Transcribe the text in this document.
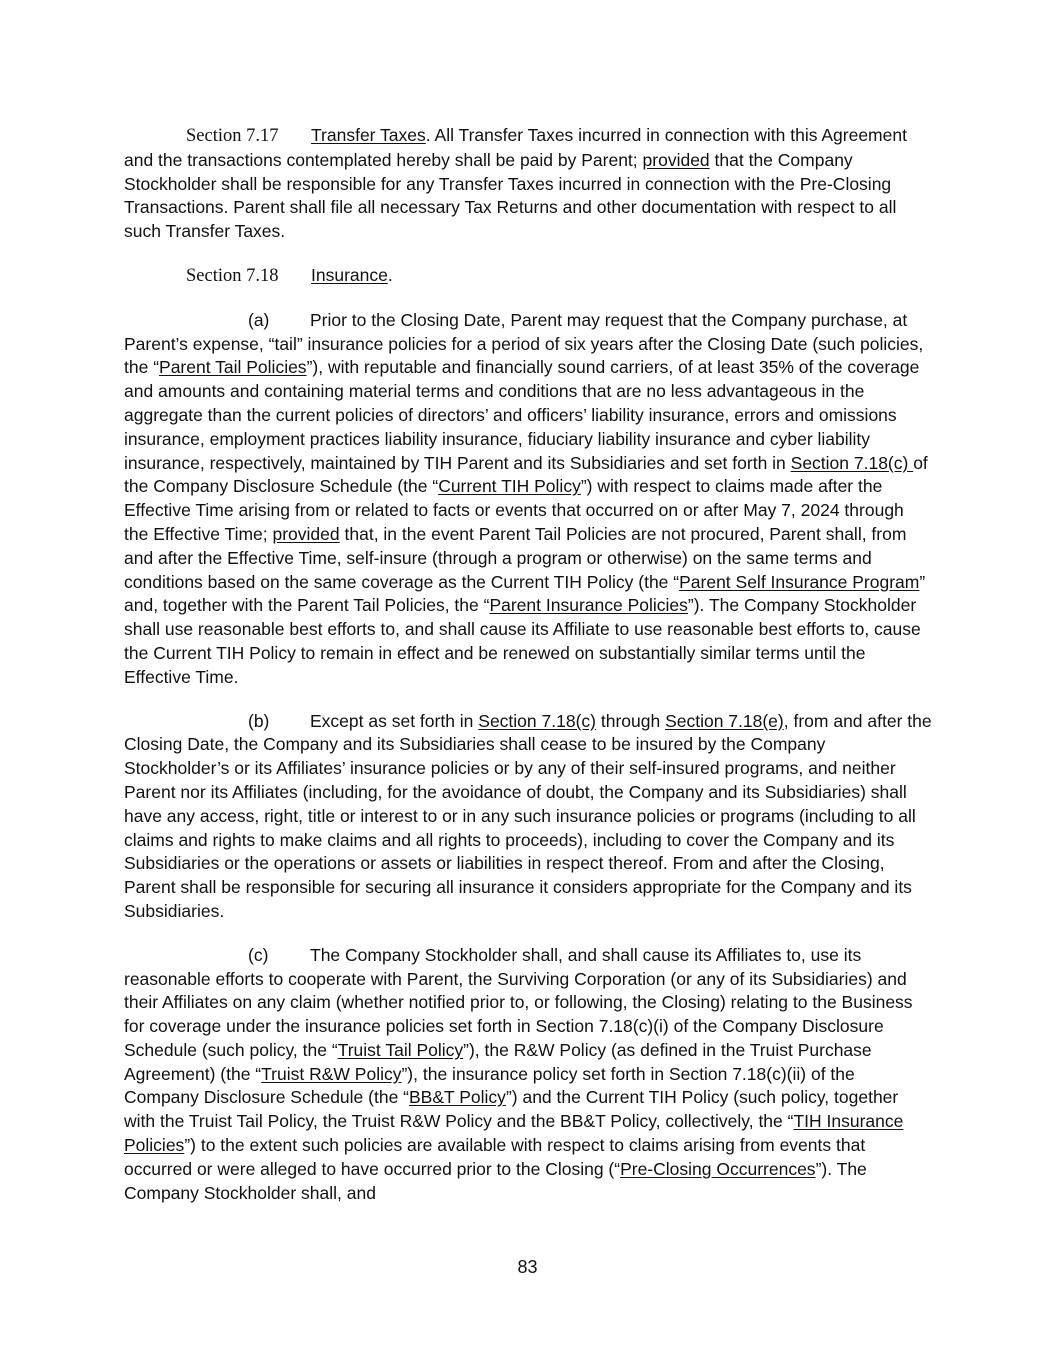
Section 7.17 Transfer Taxes. All Transfer Taxes incurred in connection with this Agreement and the transactions contemplated hereby shall be paid by Parent; provided that the Company Stockholder shall be responsible for any Transfer Taxes incurred in connection with the Pre-Closing Transactions. Parent shall file all necessary Tax Returns and other documentation with respect to all such Transfer Taxes.

Section 7.18 Insurance.

(a) Prior to the Closing Date, Parent may request that the Company purchase, at Parent’s expense, “tail” insurance policies for a period of six years after the Closing Date (such policies, the “Parent Tail Policies”), with reputable and financially sound carriers, of at least 35% of the coverage and amounts and containing material terms and conditions that are no less advantageous in the aggregate than the current policies of directors’ and officers’ liability insurance, errors and omissions insurance, employment practices liability insurance, fiduciary liability insurance and cyber liability insurance, respectively, maintained by TIH Parent and its Subsidiaries and set forth in Section 7.18(c) of the Company Disclosure Schedule (the “Current TIH Policy”) with respect to claims made after the Effective Time arising from or related to facts or events that occurred on or after May 7, 2024 through the Effective Time; provided that, in the event Parent Tail Policies are not procured, Parent shall, from and after the Effective Time, self-insure (through a program or otherwise) on the same terms and conditions based on the same coverage as the Current TIH Policy (the “Parent Self Insurance Program” and, together with the Parent Tail Policies, the “Parent Insurance Policies”). The Company Stockholder shall use reasonable best efforts to, and shall cause its Affiliate to use reasonable best efforts to, cause the Current TIH Policy to remain in effect and be renewed on substantially similar terms until the Effective Time.

(b) Except as set forth in Section 7.18(c) through Section 7.18(e), from and after the Closing Date, the Company and its Subsidiaries shall cease to be insured by the Company Stockholder’s or its Affiliates’ insurance policies or by any of their self-insured programs, and neither Parent nor its Affiliates (including, for the avoidance of doubt, the Company and its Subsidiaries) shall have any access, right, title or interest to or in any such insurance policies or programs (including to all claims and rights to make claims and all rights to proceeds), including to cover the Company and its Subsidiaries or the operations or assets or liabilities in respect thereof. From and after the Closing, Parent shall be responsible for securing all insurance it considers appropriate for the Company and its Subsidiaries.

(c) The Company Stockholder shall, and shall cause its Affiliates to, use its reasonable efforts to cooperate with Parent, the Surviving Corporation (or any of its Subsidiaries) and their Affiliates on any claim (whether notified prior to, or following, the Closing) relating to the Business for coverage under the insurance policies set forth in Section 7.18(c)(i) of the Company Disclosure Schedule (such policy, the “Truist Tail Policy”), the R&W Policy (as defined in the Truist Purchase Agreement) (the “Truist R&W Policy”), the insurance policy set forth in Section 7.18(c)(ii) of the Company Disclosure Schedule (the “BB&T Policy”) and the Current TIH Policy (such policy, together with the Truist Tail Policy, the Truist R&W Policy and the BB&T Policy, collectively, the “TIH Insurance Policies”) to the extent such policies are available with respect to claims arising from events that occurred or were alleged to have occurred prior to the Closing (“Pre-Closing Occurrences”). The Company Stockholder shall, and

83
